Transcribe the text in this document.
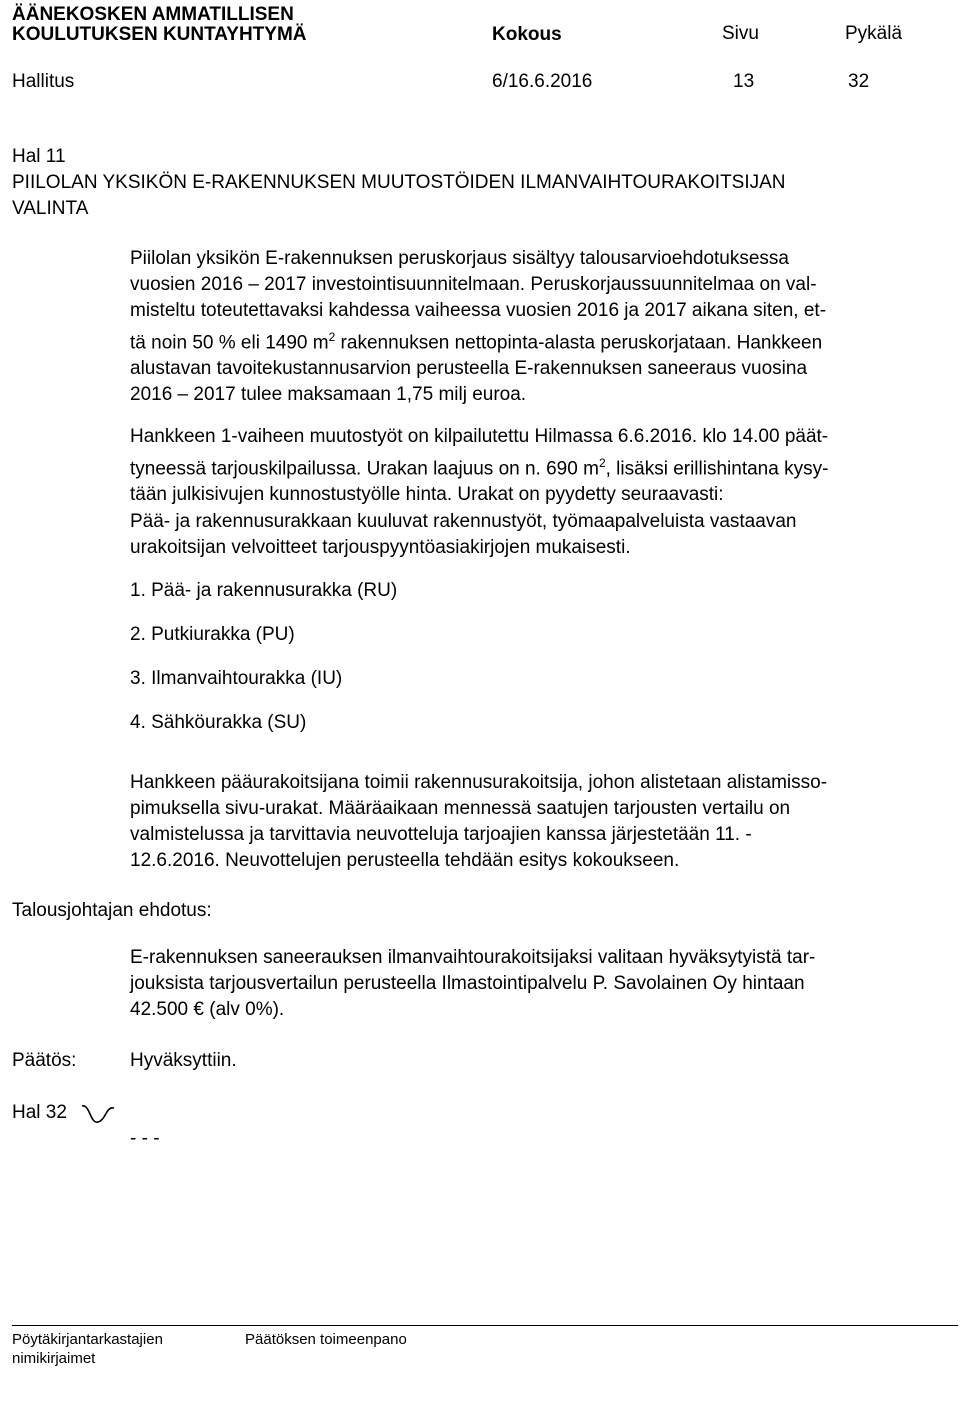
ÄÄNEKOSKEN AMMATILLISEN
KOULUTUKSEN KUNTAYHTYMÄ	Kokous	Sivu	Pykälä
Hallitus	6/16.6.2016	13	32
Hal 11
PIILOLAN YKSIKÖN E-RAKENNUKSEN MUUTOSTÖIDEN ILMANVAIHTOURAKOITSIJAN
VALINTA

Piilolan yksikön E-rakennuksen peruskorjaus sisältyy talousarvioehdotuksessa

vuosien 2016 – 2017 investointisuunnitelmaan. Peruskorjaussuunnitelmaa on val-

misteltu toteutettavaksi kahdessa vaiheessa vuosien 2016 ja 2017 aikana siten, et-

tä noin 50 % eli 1490 $m^2$ rakennuksen nettopinta-alasta peruskorjataan. Hankkeen

alustavan tavoitekustannusarvion perusteella E-rakennuksen saneeraus vuosina

2016 – 2017 tulee maksamaan 1,75 milj euroa.

Hankkeen 1-vaiheen muutostyöt on kilpailutettu Hilmassa 6.6.2016. klo 14.00 päät-

tyneessä tarjouskilpailussa. Urakan laajuus on n. 690 $m^2$, lisäksi erillishintana kysy-

tään julkisivujen kunnostustyölle hinta. Urakat on pyydetty seuraavasti:

Pää- ja rakennusurakkaan kuuluvat rakennustyöt, työmaapalveluista vastaavan

urakoitsijan velvoitteet tarjouspyyntöasiakirjojen mukaisesti.

1. Pää- ja rakennusurakka (RU)
2. Putkiurakka (PU)
3. Ilmanvaihtourakka (IU)
4. Sähköurakka (SU)

Hankkeen pääurakoitsijana toimii rakennusurakoitsija, johon alistetaan alistamisso-

pimuksella sivu-urakat. Määräaikaan mennessä saatujen tarjousten vertailu on

valmistelussa ja tarvittavia neuvotteluja tarjoajien kanssa järjestetään 11. -

12.6.2016. Neuvottelujen perusteella tehdään esitys kokoukseen.

Talousjohtajan ehdotus:

E-rakennuksen saneerauksen ilmanvaihtourakoitsijaksi valitaan hyväksytyistä tar-

jouksista tarjousvertailun perusteella Ilmastointipalvelu P. Savolainen Oy hintaan

42.500 € (alv 0%).

Päätös:	Hyväksyttiin.
Hal 32
- - -
Pöytäkirjantarkastajien
nimikirjaimet
Päätöksen toimeenpano
